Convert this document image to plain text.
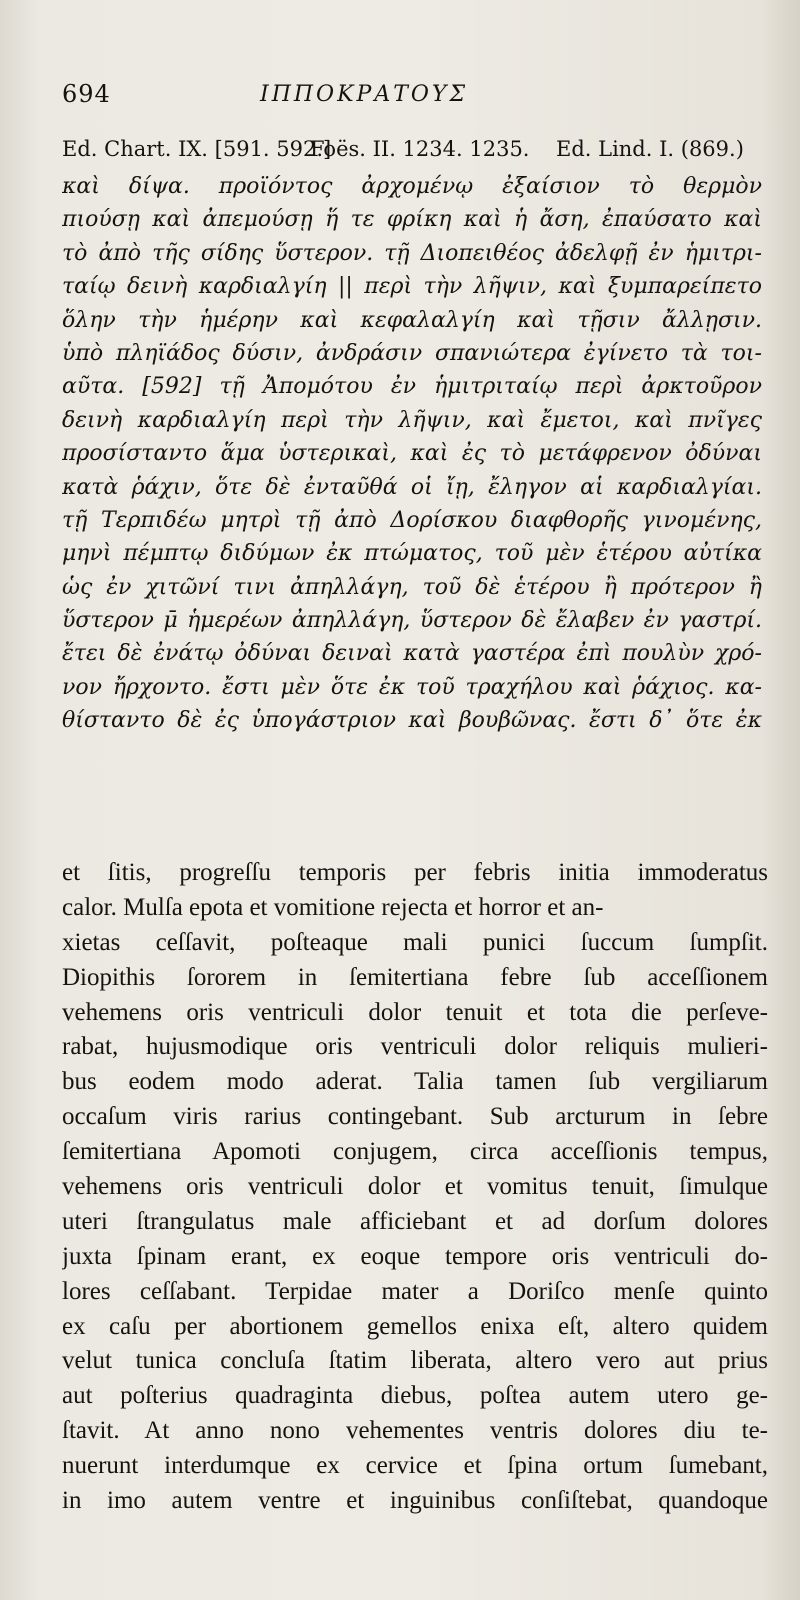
694	ΙΠΠΟΚΡΑΤΟΥΣ
Ed. Chart. IX. [591. 592.]
Foës. II. 1234. 1235. Ed. Lind. I. (869.)
καὶ δίψα. προϊόντος ἀρχομένῳ ἐξαίσιον τὸ θερμὸν
πιούσῃ καὶ ἀπεμούσῃ ἥ τε φρίκη καὶ ἡ ἄση, ἐπαύσατο καὶ
τὸ ἀπὸ τῆς σίδης ὕστερον. τῇ Διοπειθέος ἀδελφῇ ἐν ἡμιτρι-
ταίῳ δεινὴ καρδιαλγίη || περὶ τὴν λῆψιν, καὶ ξυμπαρείπετο
ὅλην τὴν ἡμέρην καὶ κεφαλαλγίη καὶ τῇσιν ἄλλῃσιν.
ὑπὸ πληϊάδος δύσιν, ἀνδράσιν σπανιώτερα ἐγίνετο τὰ τοι-
αῦτα. [592] τῇ Ἀπομότου ἐν ἡμιτριταίῳ περὶ ἀρκτοῦρον
δεινὴ καρδιαλγίη περὶ τὴν λῆψιν, καὶ ἔμετοι, καὶ πνῖγες
προσίσταντο ἅμα ὑστερικαὶ, καὶ ἐς τὸ μετάφρενον ὀδύναι
κατὰ ῥάχιν, ὅτε δὲ ἐνταῦθά οἱ ἴῃ, ἔληγον αἱ καρδιαλγίαι.
τῇ Τερπιδέω μητρὶ τῇ ἀπὸ Δορίσκου διαφθορῆς γινομένης,
μηνὶ πέμπτῳ διδύμων ἐκ πτώματος, τοῦ μὲν ἑτέρου αὐτίκα
ὡς ἐν χιτῶνί τινι ἀπηλλάγη, τοῦ δὲ ἑτέρου ἢ πρότερον ἢ
ὕστερον μ̄ ἡμερέων ἀπηλλάγη, ὕστερον δὲ ἔλαβεν ἐν γαστρί.
ἔτει δὲ ἐνάτῳ ὀδύναι δειναὶ κατὰ γαστέρα ἐπὶ πουλὺν χρό-
νον ἤρχοντο. ἔστι μὲν ὅτε ἐκ τοῦ τραχήλου καὶ ῥάχιος. κα-
θίσταντο δὲ ἐς ὑπογάστριον καὶ βουβῶνας. ἔστι δ᾽ ὅτε ἐκ
et ſitis, progreſſu temporis per febris initia immoderatus
calor. Mulſa epota et vomitione rejecta et horror et an-
xietas ceſſavit, poſteaque mali punici ſuccum ſumpſit.
Diopithis ſororem in ſemitertiana febre ſub acceſſionem
vehemens oris ventriculi dolor tenuit et tota die perſeve-
rabat, hujusmodique oris ventriculi dolor reliquis mulieri-
bus eodem modo aderat. Talia tamen ſub vergiliarum
occaſum viris rarius contingebant. Sub arcturum in ſebre
ſemitertiana Apomoti conjugem, circa acceſſionis tempus,
vehemens oris ventriculi dolor et vomitus tenuit, ſimulque
uteri ſtrangulatus male afficiebant et ad dorſum dolores
juxta ſpinam erant, ex eoque tempore oris ventriculi do-
lores ceſſabant. Terpidae mater a Doriſco menſe quinto
ex caſu per abortionem gemellos enixa eſt, altero quidem
velut tunica concluſa ſtatim liberata, altero vero aut prius
aut poſterius quadraginta diebus, poſtea autem utero ge-
ſtavit. At anno nono vehementes ventris dolores diu te-
nuerunt interdumque ex cervice et ſpina ortum ſumebant,
in imo autem ventre et inguinibus conſiſtebat, quandoque
